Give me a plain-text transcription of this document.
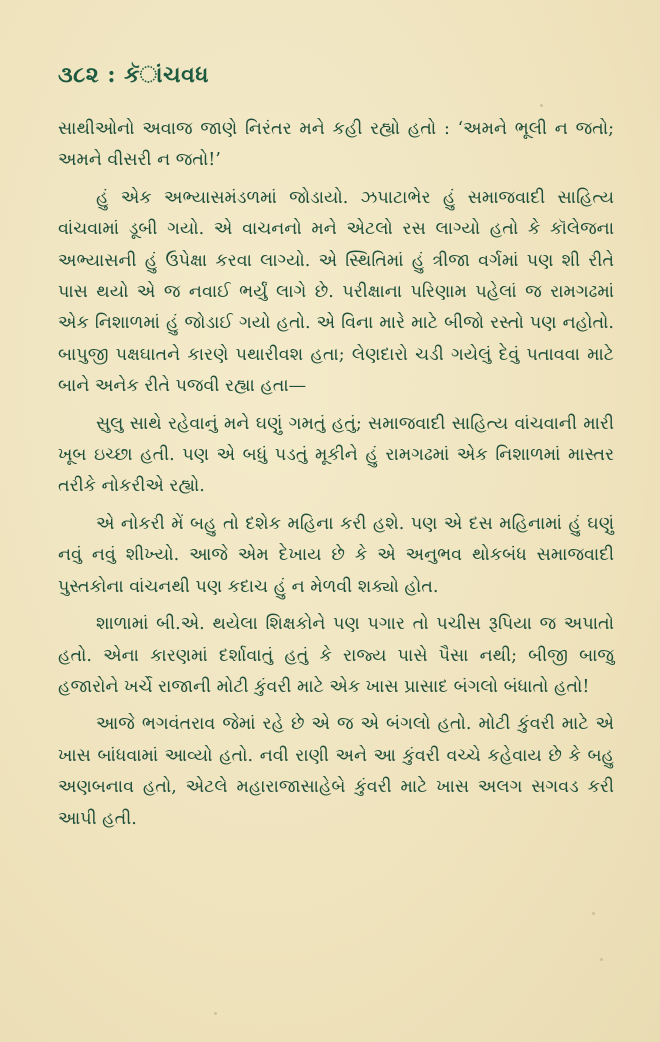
૩૮૨ : કૅાંચવધ

સાથીઓનો અવાજ જાણે નિરંતર મને કહી રહ્યો હતો : ‘અમને ભૂલી ન જતો; અમને વીસરી ન જતો!’

હું એક અભ્યાસમંડળમાં જોડાયો. ઝપાટાભેર હું સમાજવાદી સાહિત્ય વાંચવામાં ડૂબી ગયો. એ વાચનનો મને એટલો રસ લાગ્યો હતો કે કૉલેજના અભ્યાસની હું ઉપેક્ષા કરવા લાગ્યો. એ સ્થિતિમાં હું ત્રીજા વર્ગમાં પણ શી રીતે પાસ થયો એ જ નવાઈ ભર્યું લાગે છે. પરીક્ષાના પરિણામ પહેલાં જ રામગઢમાં એક નિશાળમાં હું જોડાઈ ગયો હતો. એ વિના મારે માટે બીજો રસ્તો પણ નહોતો. બાપુજી પક્ષઘાતને કારણે પથારીવશ હતા; લેણદારો ચડી ગયેલું દેવું પતાવવા માટે બાને અનેક રીતે પજવી રહ્યા હતા—

સુલુ સાથે રહેવાનું મને ઘણું ગમતું હતું; સમાજવાદી સાહિત્ય વાંચવાની મારી ખૂબ ઇચ્છા હતી. પણ એ બધું પડતું મૂકીને હું રામગઢમાં એક નિશાળમાં માસ્તર તરીકે નોકરીએ રહ્યો.

એ નોકરી મેં બહુ તો દશેક મહિના કરી હશે. પણ એ દસ મહિનામાં હું ઘણું નવું નવું શીખ્યો. આજે એમ દેખાય છે કે એ અનુભવ થોકબંધ સમાજવાદી પુસ્તકોના વાંચનથી પણ કદાચ હું ન મેળવી શક્યો હોત.

શાળામાં બી.એ. થયેલા શિક્ષકોને પણ પગાર તો પચીસ રૂપિયા જ અપાતો હતો. એના કારણમાં દર્શાવાતું હતું કે રાજ્ય પાસે પૈસા નથી; બીજી બાજુ હજારોને ખર્ચે રાજાની મોટી કુંવરી માટે એક ખાસ પ્રાસાદ બંગલો બંધાતો હતો!

આજે ભગવંતરાવ જેમાં રહે છે એ જ એ બંગલો હતો. મોટી કુંવરી માટે એ ખાસ બાંધવામાં આવ્યો હતો. નવી રાણી અને આ કુંવરી વચ્ચે કહેવાય છે કે બહુ અણબનાવ હતો, એટલે મહારાજાસાહેબે કુંવરી માટે ખાસ અલગ સગવડ કરી આપી હતી.
